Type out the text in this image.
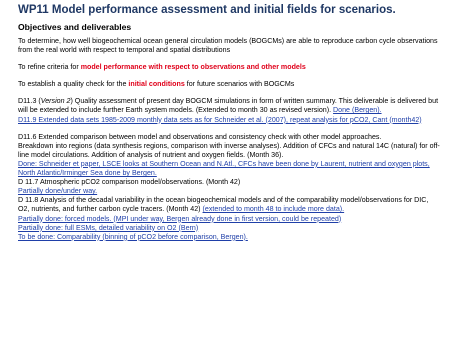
WP11 Model performance assessment and initial fields for scenarios.
Objectives and deliverables

To determine, how well biogeochemical ocean general circulation models (BOGCMs) are able to reproduce carbon cycle observations from the real world with respect to temporal and spatial distributions

To refine criteria for model performance with respect to observations and other models

To establish a quality check for the initial conditions for future scenarios with BOGCMs

D11.3 (Version 2) Quality assessment of present day BOGCM simulations in form of written summary. This deliverable is delivered but will be extended to include further Earth system models. (Extended to month 30 as revised version). Done (Bergen).

D11.9 Extended data sets 1985-2009 monthly data sets as for Schneider et al. (2007), repeat analysis for pCO2, Cant (month42)

D11.6 Extended comparison between model and observations and consistency check with other model approaches.

Breakdown into regions (data synthesis regions, comparison with inverse analyses). Addition of CFCs and natural 14C (natural) for off-line model circulations. Addition of analysis of nutrient and oxygen fields. (Month 36).

Done: Schneider et paper, LSCE looks at Southern Ocean and N.Atl., CFCs have been done by Laurent, nutrient and oxygen plots, North Atlantic/Irminger Sea done by Bergen.

D 11.7 Atmospheric pCO2 comparison model/observations. (Month 42)

Partially done/under way.

D 11.8 Analysis of the decadal variability in the ocean biogeochemical models and of the comparability model/observations for DIC, O2, nutrients, and further carbon cycle tracers. (Month 42) (extended to month 48 to include more data).

Partially done: forced models. (MPI under way, Bergen already done in first version, could be repeated)

Partially done: full ESMs, detailed variability on O2 (Bern)

To be done: Comparability (binning of pCO2 before comparison, Bergen).
